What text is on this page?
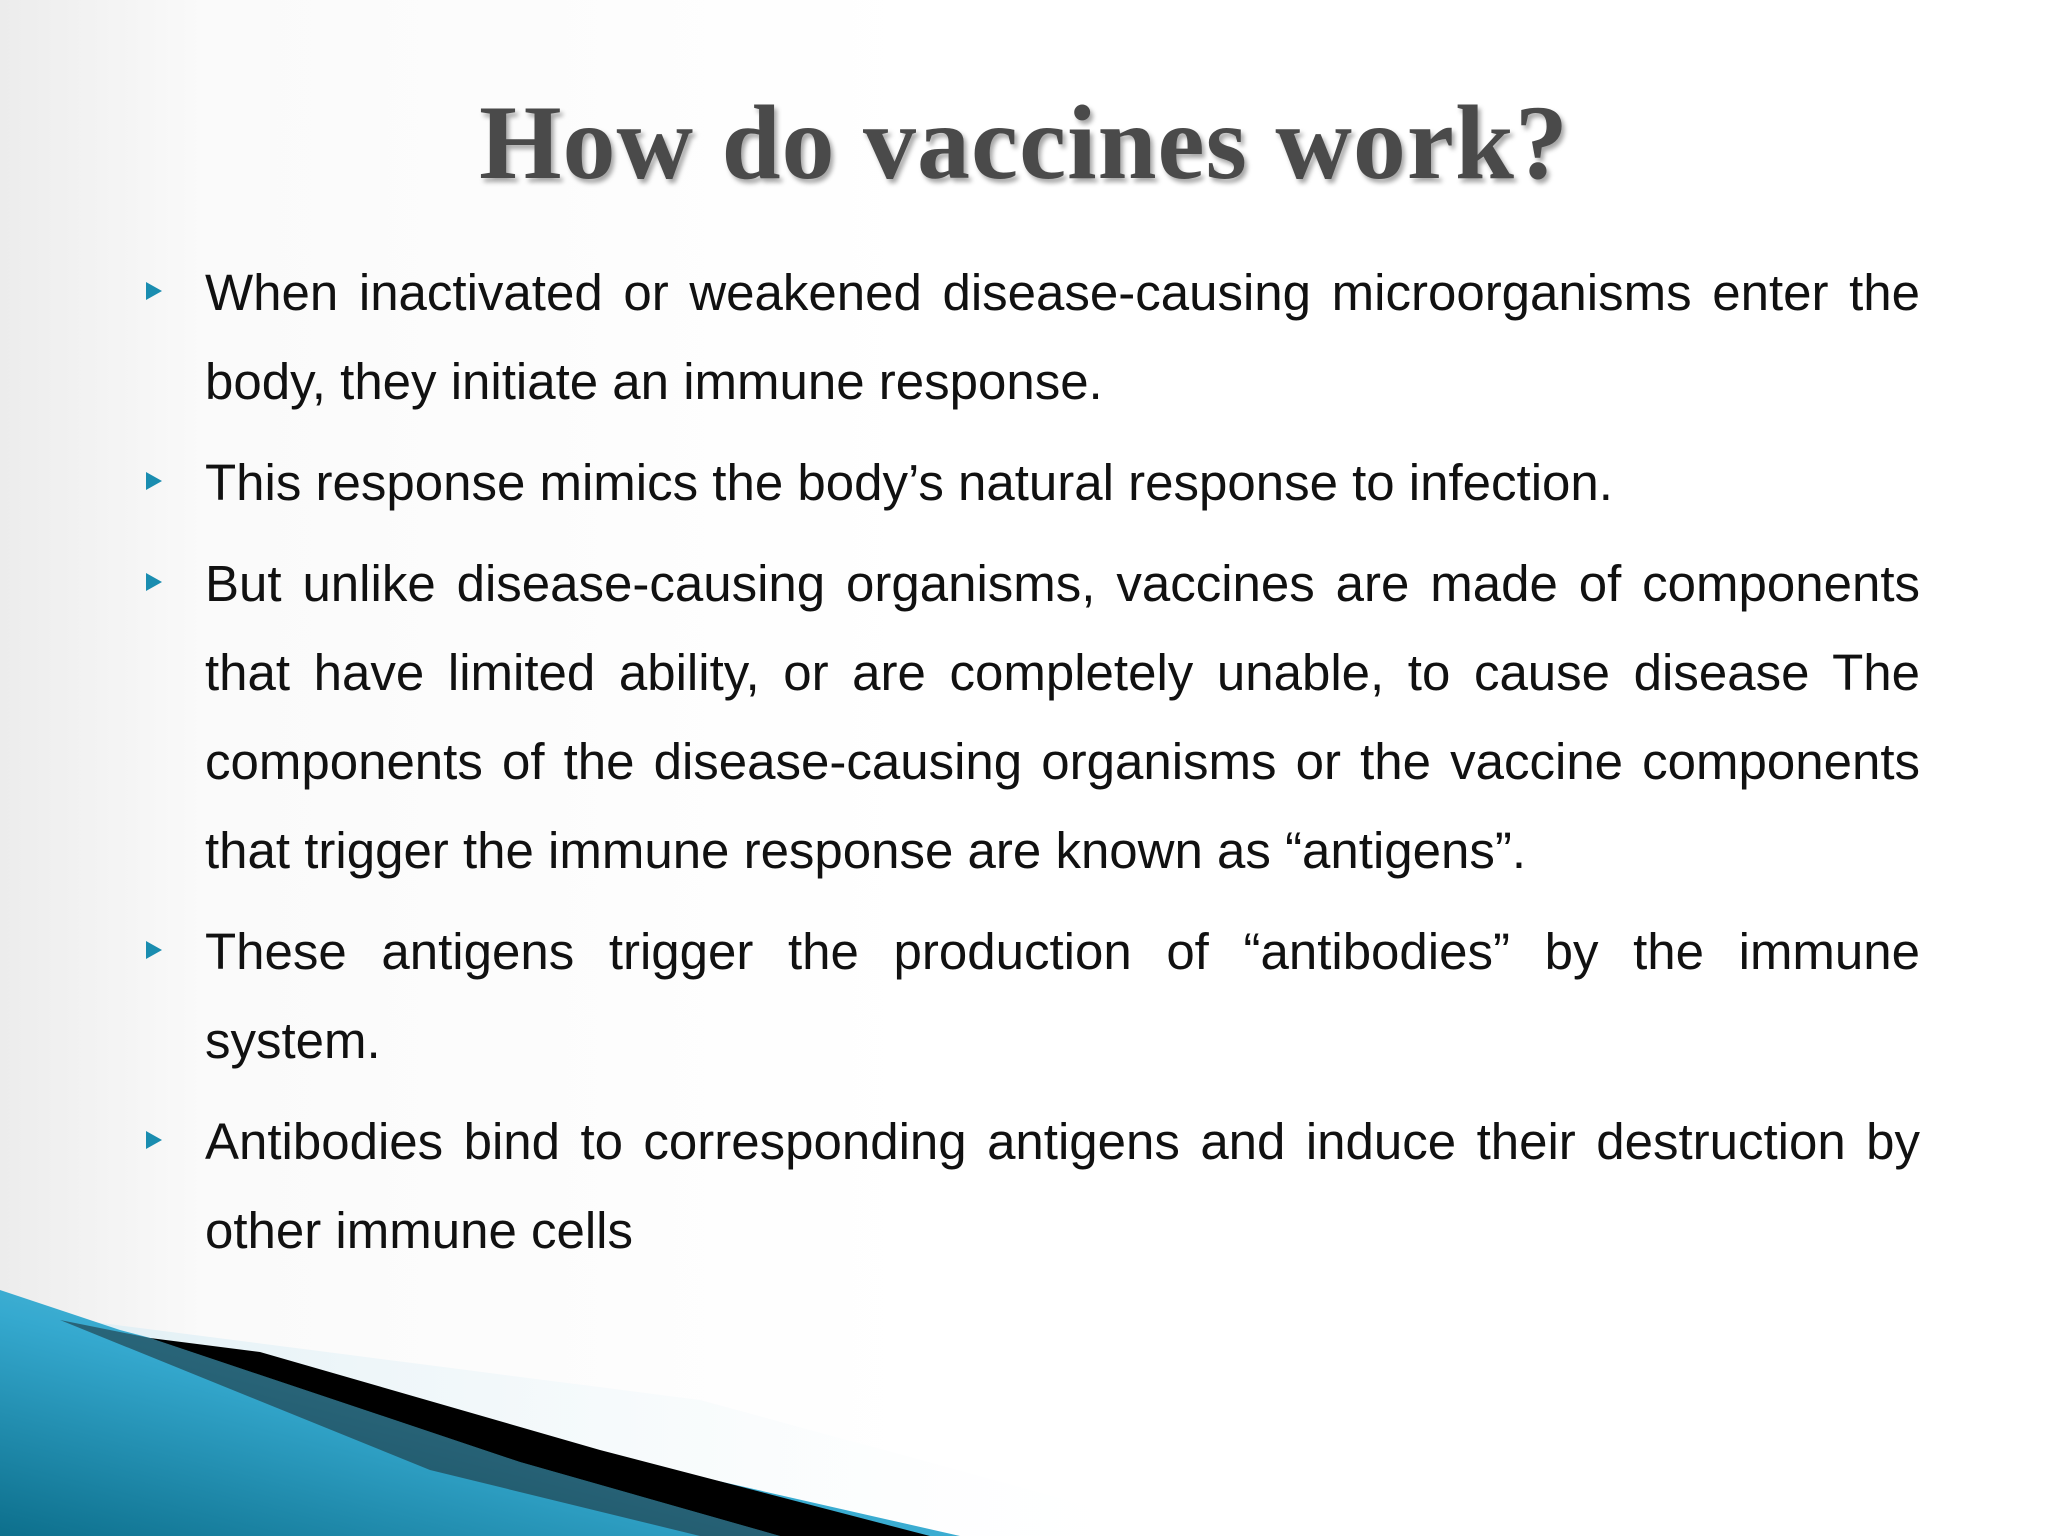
How do vaccines work?
When inactivated or weakened disease-causing microorganisms enter the body, they initiate an immune response.
This response mimics the body’s natural response to infection.
But unlike disease-causing organisms, vaccines are made of components that have limited ability, or are completely unable, to cause disease The components of the disease-causing organisms or the vaccine components that trigger the immune response are known as “antigens”.
These antigens trigger the production of “antibodies” by the immune system.
Antibodies bind to corresponding antigens and induce their destruction by other immune cells
